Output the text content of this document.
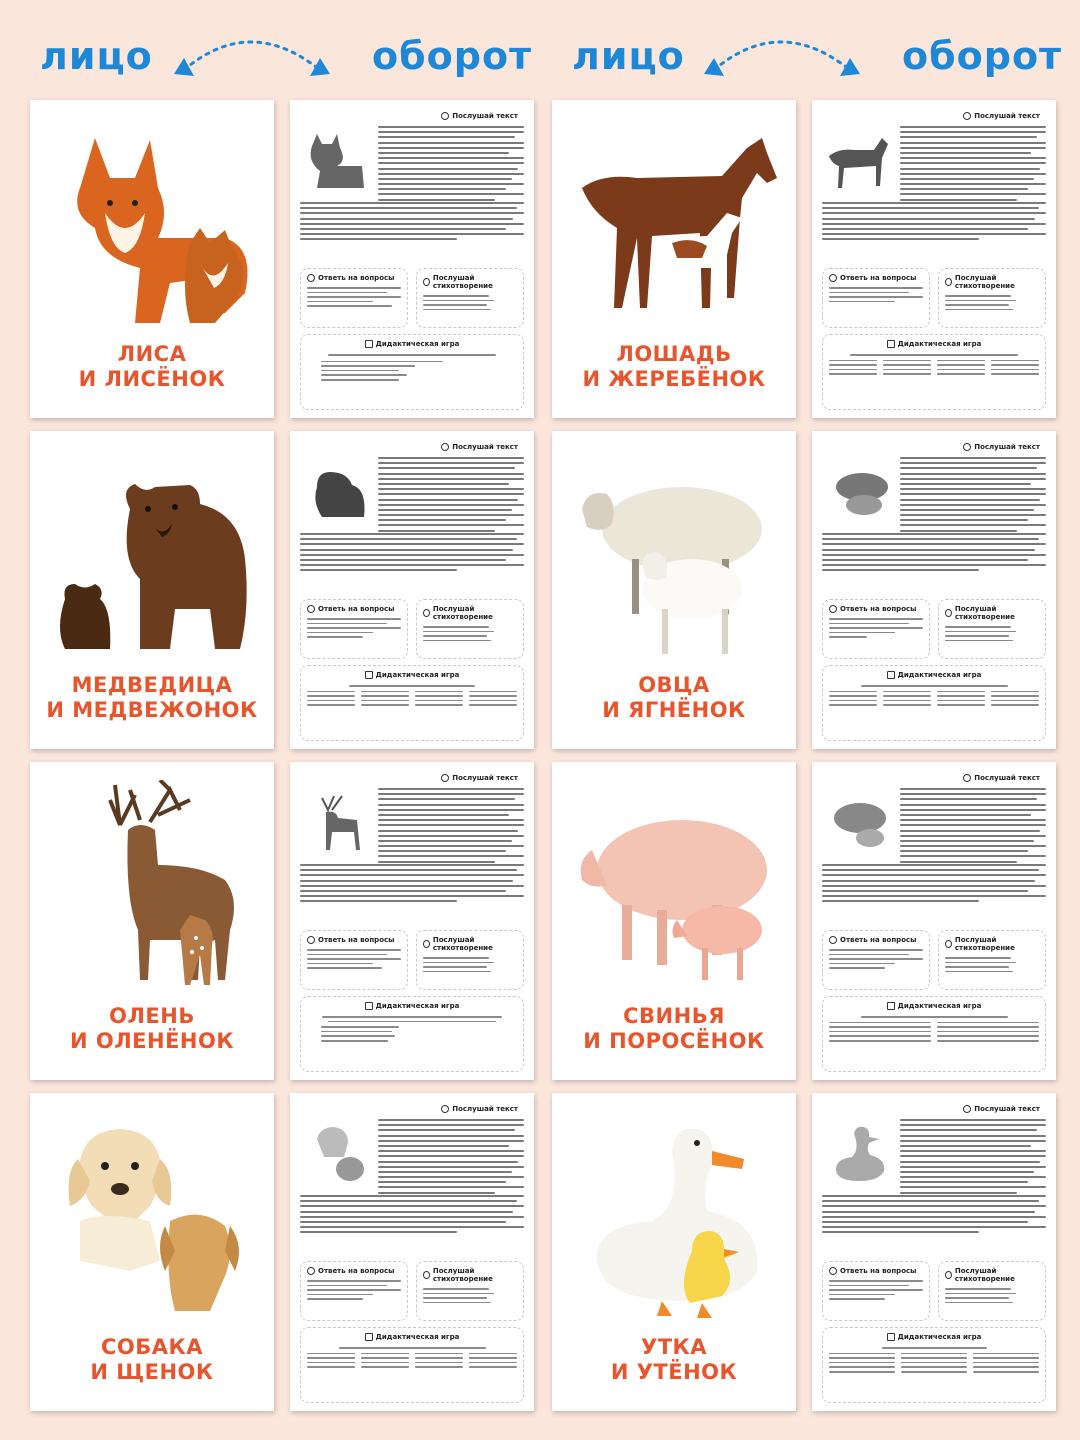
лицо	оборот лицо	оборот
ЛИСА
И ЛИСЁНОК
Послушай текст
Ответь на вопросы	Послушай стихотворение
Дидактическая игра	ЛОШАДЬ
И ЖЕРЕБЁНОК
Послушай текст
Ответь на вопросы	Послушай стихотворение
Дидактическая игра
МЕДВЕДИЦА
И МЕДВЕЖОНОК
Послушай текст
Ответь на вопросы	Послушай стихотворение
Дидактическая игра	ОВЦА
И ЯГНЁНОК
Послушай текст
Ответь на вопросы	Послушай стихотворение
Дидактическая игра
ОЛЕНЬ
И ОЛЕНЁНОК
Послушай текст
Ответь на вопросы	Послушай стихотворение
Дидактическая игра	СВИНЬЯ
И ПОРОСЁНОК
Послушай текст
Ответь на вопросы	Послушай стихотворение
Дидактическая игра
СОБАКА
И ЩЕНОК
Послушай текст
Ответь на вопросы	Послушай стихотворение
Дидактическая игра	УТКА
И УТЁНОК
Послушай текст
Ответь на вопросы	Послушай стихотворение
Дидактическая игра
